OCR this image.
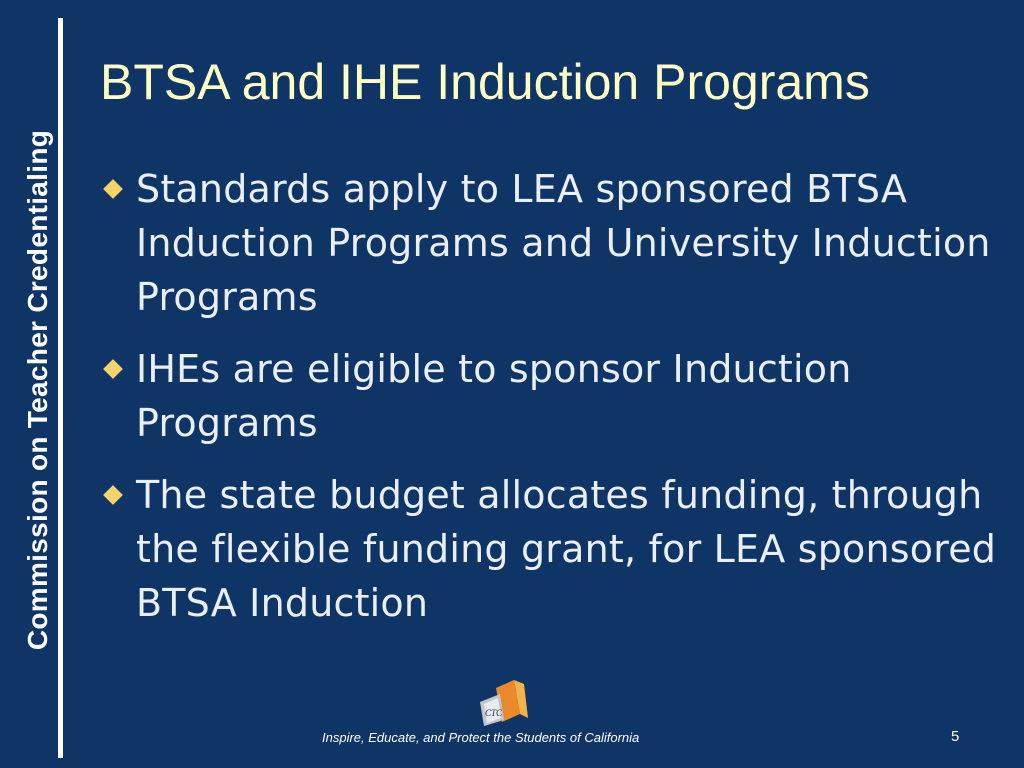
Commission on Teacher Credentialing
BTSA and IHE Induction Programs
Standards apply to LEA sponsored BTSA Induction Programs and University Induction Programs
IHEs are eligible to sponsor Induction Programs
The state budget allocates funding, through the flexible funding grant, for LEA sponsored BTSA Induction
CTC
Inspire, Educate, and Protect the Students of California	5
